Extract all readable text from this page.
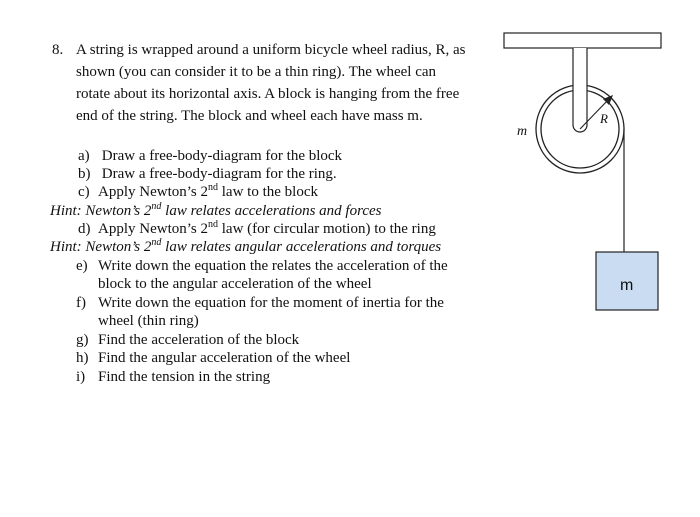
8. A string is wrapped around a uniform bicycle wheel radius, R, as
shown (you can consider it to be a thin ring). The wheel can
rotate about its horizontal axis. A block is hanging from the free
end of the string. The block and wheel each have mass m.
a) Draw a free-body-diagram for the block
b) Draw a free-body-diagram for the ring.
c) Apply Newton’s 2nd law to the block
Hint: Newton’s 2nd law relates accelerations and forces
d) Apply Newton’s 2nd law (for circular motion) to the ring
Hint: Newton’s 2nd law relates angular accelerations and torques
e) Write down the equation the relates the acceleration of the
block to the angular acceleration of the wheel
f) Write down the equation for the moment of inertia for the
wheel (thin ring)
g) Find the acceleration of the block
h) Find the angular acceleration of the wheel
i) Find the tension in the string
R
m
m
